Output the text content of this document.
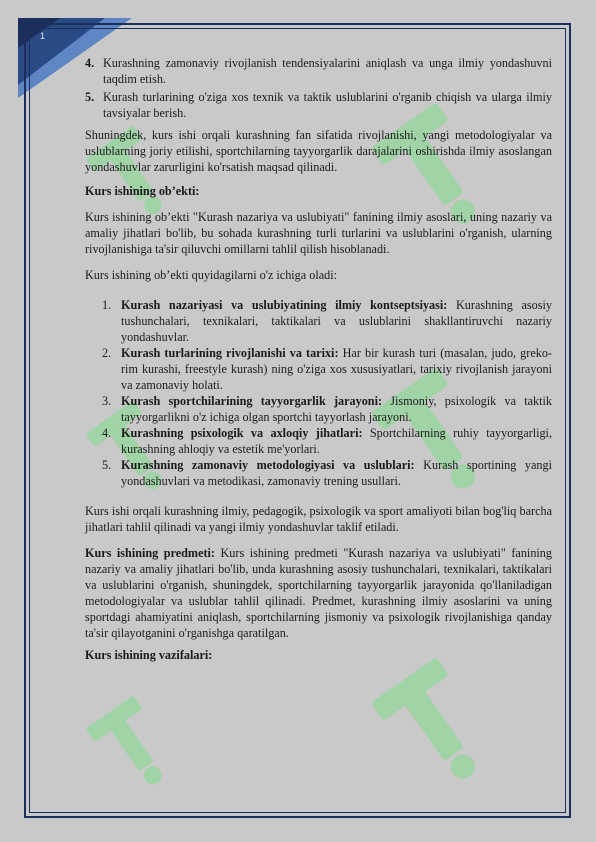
1
4. Kurashning zamonaviy rivojlanish tendensiyalarini aniqlash va unga ilmiy yondashuvni taqdim etish.
5. Kurash turlarining o'ziga xos texnik va taktik uslublarini o'rganib chiqish va ularga ilmiy tavsiyalar berish.

Shuningdek, kurs ishi orqali kurashning fan sifatida rivojlanishi, yangi metodologiyalar va uslublarning joriy etilishi, sportchilarning tayyorgarlik darajalarini oshirishda ilmiy asoslangan yondashuvlar zarurligini ko'rsatish maqsad qilinadi.

Kurs ishining ob’ekti:

Kurs ishining ob’ekti "Kurash nazariya va uslubiyati" fanining ilmiy asoslari, uning nazariy va amaliy jihatlari bo'lib, bu sohada kurashning turli turlarini va uslublarini o'rganish, ularning rivojlanishiga ta'sir qiluvchi omillarni tahlil qilish hisoblanadi.

Kurs ishining ob’ekti quyidagilarni o'z ichiga oladi:

1. Kurash nazariyasi va uslubiyatining ilmiy kontseptsiyasi: Kurashning asosiy tushunchalari, texnikalari, taktikalari va uslublarini shakllantiruvchi nazariy yondashuvlar.
2. Kurash turlarining rivojlanishi va tarixi: Har bir kurash turi (masalan, judo, greko-rim kurashi, freestyle kurash) ning o'ziga xos xususiyatlari, tarixiy rivojlanish jarayoni va zamonaviy holati.
3. Kurash sportchilarining tayyorgarlik jarayoni: Jismoniy, psixologik va taktik tayyorgarlikni o'z ichiga olgan sportchi tayyorlash jarayoni.
4. Kurashning psixologik va axloqiy jihatlari: Sportchilarning ruhiy tayyorgarligi, kurashning ahloqiy va estetik me'yorlari.
5. Kurashning zamonaviy metodologiyasi va uslublari: Kurash sportining yangi yondashuvlari va metodikasi, zamonaviy trening usullari.

Kurs ishi orqali kurashning ilmiy, pedagogik, psixologik va sport amaliyoti bilan bog'liq barcha jihatlari tahlil qilinadi va yangi ilmiy yondashuvlar taklif etiladi.

Kurs ishining predmeti: Kurs ishining predmeti "Kurash nazariya va uslubiyati" fanining nazariy va amaliy jihatlari bo'lib, unda kurashning asosiy tushunchalari, texnikalari, taktikalari va uslublarini o'rganish, shuningdek, sportchilarning tayyorgarlik jarayonida qo'llaniladigan metodologiyalar va uslublar tahlil qilinadi. Predmet, kurashning ilmiy asoslarini va uning sportdagi ahamiyatini aniqlash, sportchilarning jismoniy va psixologik rivojlanishiga qanday ta'sir qilayotganini o'rganishga qaratilgan.

Kurs ishining vazifalari:
